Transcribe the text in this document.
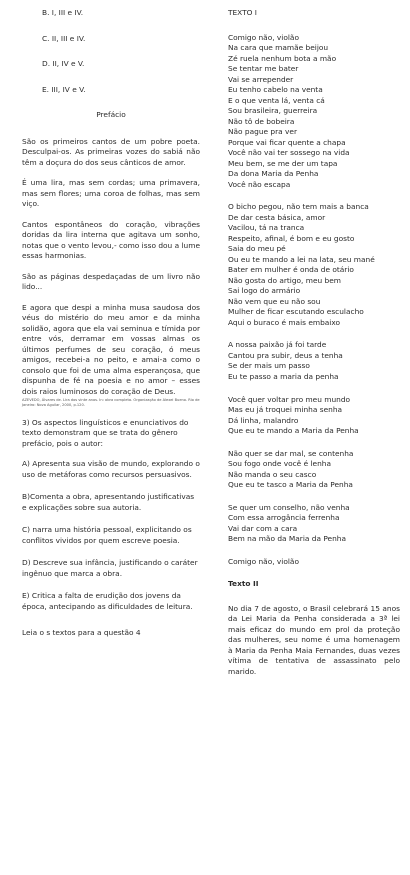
B. I, III e IV.
C. II, III e IV.
D. II, IV e V.
E. III, IV e V.
Prefácio

São os primeiros cantos de um pobre poeta. Desculpai-os. As primeiras vozes do sabiá não têm a doçura do dos seus cânticos de amor.

É uma lira, mas sem cordas; uma primavera, mas sem flores; uma coroa de folhas, mas sem viço.

Cantos espontâneos do coração, vibrações doridas da lira interna que agitava um sonho, notas que o vento levou,- como isso dou a lume essas harmonias.

São as páginas despedaçadas de um livro não lido...

E agora que despi a minha musa saudosa dos véus do mistério do meu amor e da minha solidão, agora que ela vai seminua e tímida por entre vós, derramar em vossas almas os últimos perfumes de seu coração, ó meus amigos, recebei-a no peito, e amai-a como o consolo que foi de uma alma esperançosa, que dispunha de fé na poesia e no amor – esses dois raios luminosos do coração de Deus.

AZEVEDO, Álvares de. Lira dos vinte anos. In: obra completa. Organização de Alexei Bueno. Rio de Janeiro: Nova Aguilar, 2000, p.120.
3) Os aspectos linguísticos e enunciativos do texto demonstram que se trata do gênero prefácio, pois o autor:
A) Apresenta sua visão de mundo, explorando o uso de metáforas como recursos persuasivos.
B)Comenta a obra, apresentando justificativas e explicações sobre sua autoria.
C) narra uma história pessoal, explicitando os conflitos vividos por quem escreve poesia.
D) Descreve sua infância, justificando o caráter ingênuo que marca a obra.
E) Critica a falta de erudição dos jovens da época, antecipando as dificuldades de leitura.
Leia o s textos para a questão 4
TEXTO I
Comigo não, violão
Na cara que mamãe beijou
Zé ruela nenhum bota a mão
Se tentar me bater
Vai se arrepender
Eu tenho cabelo na venta
E o que venta lá, venta cá
Sou brasileira, guerreira
Não tô de bobeira
Não pague pra ver
Porque vai ficar quente a chapa
Você não vai ter sossego na vida
Meu bem, se me der um tapa
Da dona Maria da Penha
Você não escapa
O bicho pegou, não tem mais a banca
De dar cesta básica, amor
Vacilou, tá na tranca
Respeito, afinal, é bom e eu gosto
Saia do meu pé
Ou eu te mando a lei na lata, seu mané
Bater em mulher é onda de otário
Não gosta do artigo, meu bem
Sai logo do armário
Não vem que eu não sou
Mulher de ficar escutando esculacho
Aqui o buraco é mais embaixo
A nossa paixão já foi tarde
Cantou pra subir, deus a tenha
Se der mais um passo
Eu te passo a maria da penha
Você quer voltar pro meu mundo
Mas eu já troquei minha senha
Dá linha, malandro
Que eu te mando a Maria da Penha
Não quer se dar mal, se contenha
Sou fogo onde você é lenha
Não manda o seu casco
Que eu te tasco a Maria da Penha
Se quer um conselho, não venha
Com essa arrogância ferrenha
Vai dar com a cara
Bem na mão da Maria da Penha
Comigo não, violão
Texto II

No dia 7 de agosto, o Brasil celebrará 15 anos da Lei Maria da Penha considerada a 3ª lei mais eficaz do mundo em prol da proteção das mulheres, seu nome é uma homenagem à Maria da Penha Maia Fernandes, duas vezes vítima de tentativa de assassinato pelo marido.
